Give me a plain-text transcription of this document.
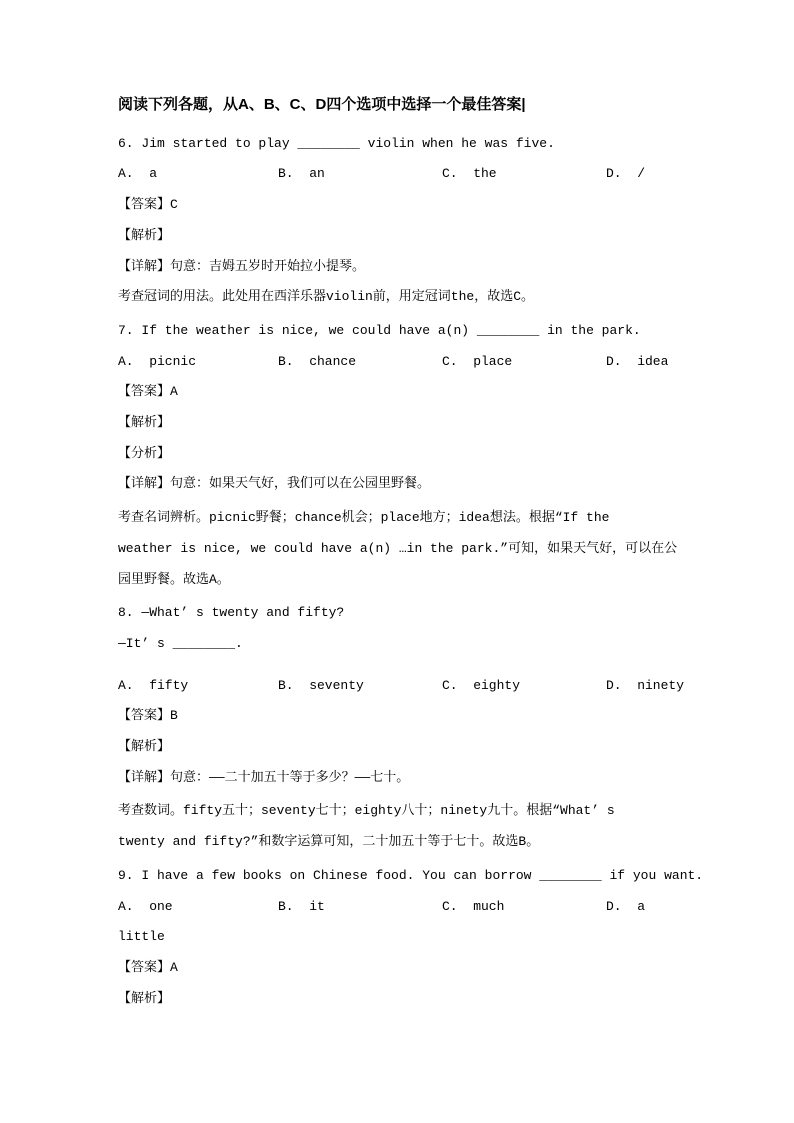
阅读下列各题，从A、B、C、D四个选项中选择一个最佳答案|
6. Jim started to play ________ violin when he was five.
A.  a	B.  an	C.  the	D.  /
【答案】C
【解析】
【详解】句意：吉姆五岁时开始拉小提琴。
考查冠词的用法。此处用在西洋乐器violin前，用定冠词the，故选C。
7. If the weather is nice, we could have a(n) ________ in the park.
A.  picnic	B.  chance	C.  place	D.  idea
【答案】A
【解析】
【分析】
【详解】句意：如果天气好，我们可以在公园里野餐。
考查名词辨析。picnic野餐；chance机会；place地方；idea想法。根据“If the
weather is nice, we could have a(n) …in the park.”可知，如果天气好，可以在公
园里野餐。故选A。
8. —What’ s twenty and fifty?
—It’ s ________.
A.  fifty	B.  seventy	C.  eighty	D.  ninety
【答案】B
【解析】
【详解】句意：——二十加五十等于多少？——七十。
考查数词。fifty五十；seventy七十；eighty八十；ninety九十。根据“What’ s
twenty and fifty?”和数字运算可知，二十加五十等于七十。故选B。
9. I have a few books on Chinese food. You can borrow ________ if you want.
A.  one	B.  it	C.  much	D.  a
little
【答案】A
【解析】
